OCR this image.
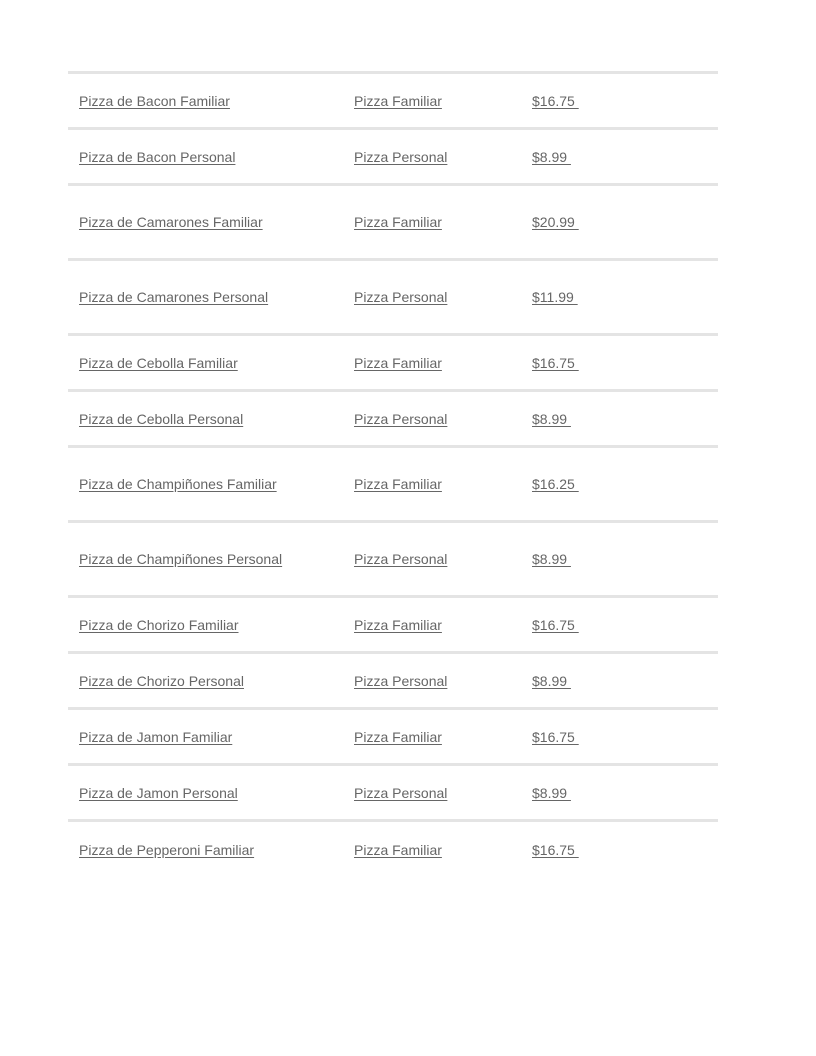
Pizza de Bacon Familiar	Pizza Familiar	$16.75
Pizza de Bacon Personal	Pizza Personal	$8.99
Pizza de Camarones Familiar	Pizza Familiar	$20.99
Pizza de Camarones Personal	Pizza Personal	$11.99
Pizza de Cebolla Familiar	Pizza Familiar	$16.75
Pizza de Cebolla Personal	Pizza Personal	$8.99
Pizza de Champiñones Familiar	Pizza Familiar	$16.25
Pizza de Champiñones Personal	Pizza Personal	$8.99
Pizza de Chorizo Familiar	Pizza Familiar	$16.75
Pizza de Chorizo Personal	Pizza Personal	$8.99
Pizza de Jamon Familiar	Pizza Familiar	$16.75
Pizza de Jamon Personal	Pizza Personal	$8.99
Pizza de Pepperoni Familiar	Pizza Familiar	$16.75
